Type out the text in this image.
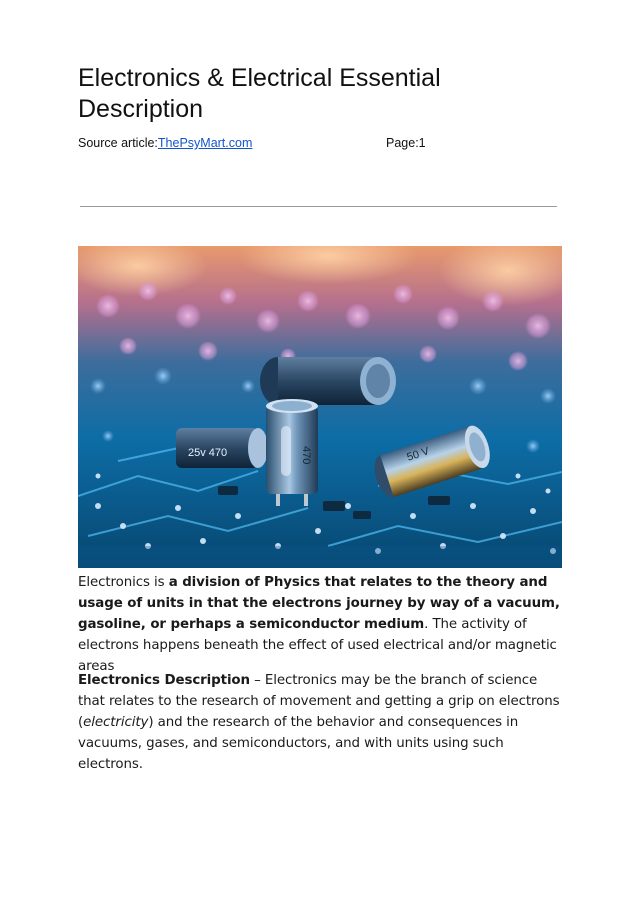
Electronics & Electrical Essential Description
Source article:ThePsyMart.com	Page:1
25v 470	470	50 V

Electronics is a division of Physics that relates to the theory and usage of units in that the electrons journey by way of a vacuum, gasoline, or perhaps a semiconductor medium. The activity of electrons happens beneath the effect of used electrical and/or magnetic areas

Electronics Description – Electronics may be the branch of science that relates to the research of movement and getting a grip on electrons (electricity) and the research of the behavior and consequences in vacuums, gases, and semiconductors, and with units using such electrons.
